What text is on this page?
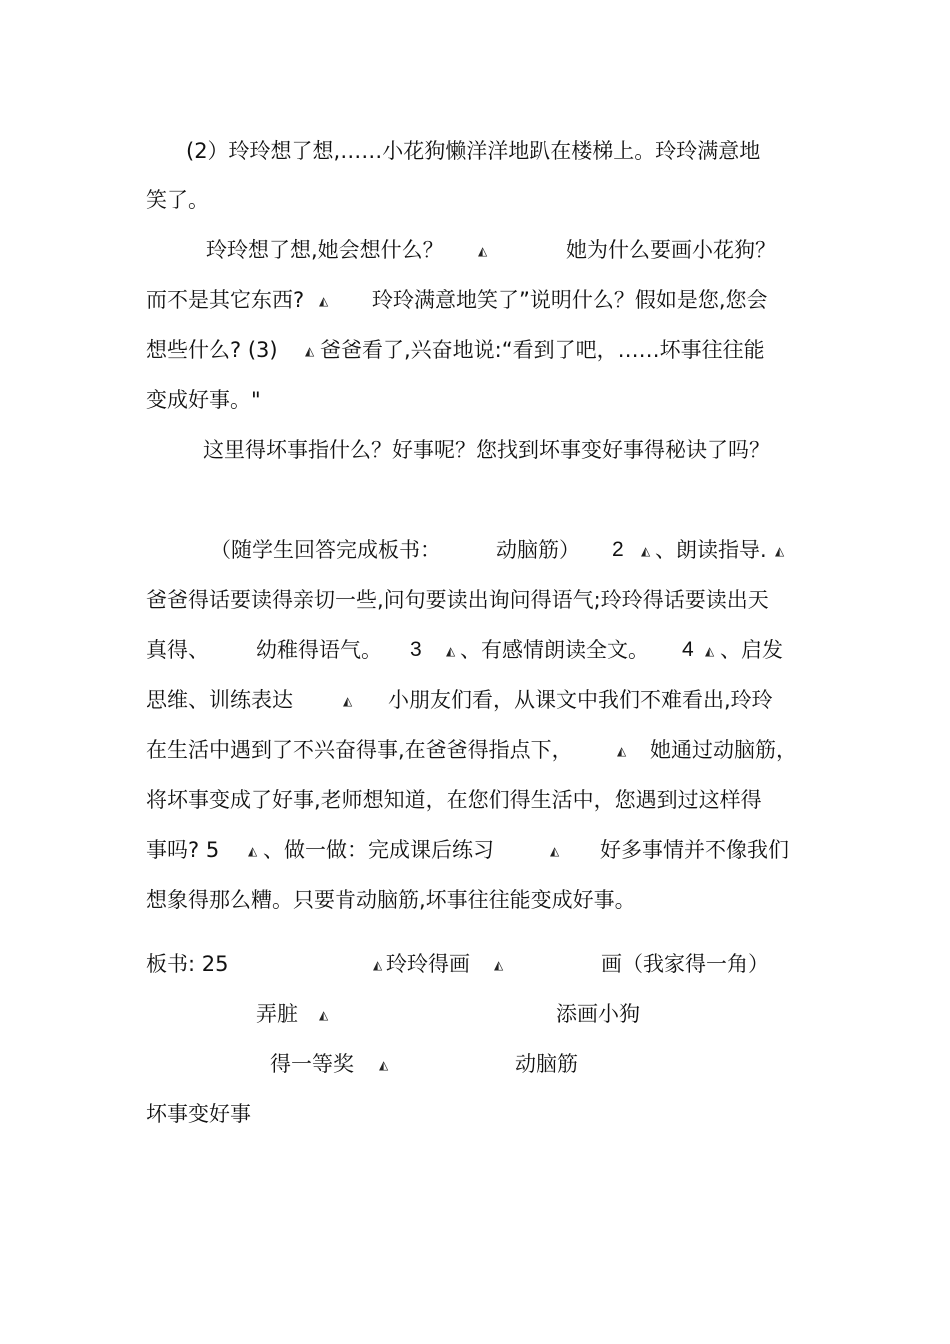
(2）玲玲想了想,……小花狗懒洋洋地趴在楼梯上。玲玲满意地
笑了。
玲玲想了想,她会想什么？	◭	她为什么要画小花狗？
而不是其它东西? ◭ 玲玲满意地笑了”说明什么？假如是您,您会
想些什么? (3) ◭ 爸爸看了,兴奋地说:“看到了吧，……坏事往往能
变成好事。"
这里得坏事指什么？好事呢？您找到坏事变好事得秘诀了吗？
（随学生回答完成板书：	动脑筋） 2 ◭ 、朗读指导. ◭
爸爸得话要读得亲切一些,问句要读出询问得语气;玲玲得话要读出天
真得、 幼稚得语气。 3 ◭ 、有感情朗读全文。 4 ◭ 、启发
思维、训练表达	◭ 小朋友们看，从课文中我们不难看出,玲玲
在生活中遇到了不兴奋得事,在爸爸得指点下，	◭ 她通过动脑筋，
将坏事变成了好事,老师想知道，在您们得生活中，您遇到过这样得
事吗? 5 ◭ 、做一做：完成课后练习	◭ 好多事情并不像我们
想象得那么糟。只要肯动脑筋,坏事往往能变成好事。
板书: 25	◭ 玲玲得画 ◭	画（我家得一角）
弄脏 ◭	添画小狗
得一等奖 ◭	动脑筋
坏事变好事
